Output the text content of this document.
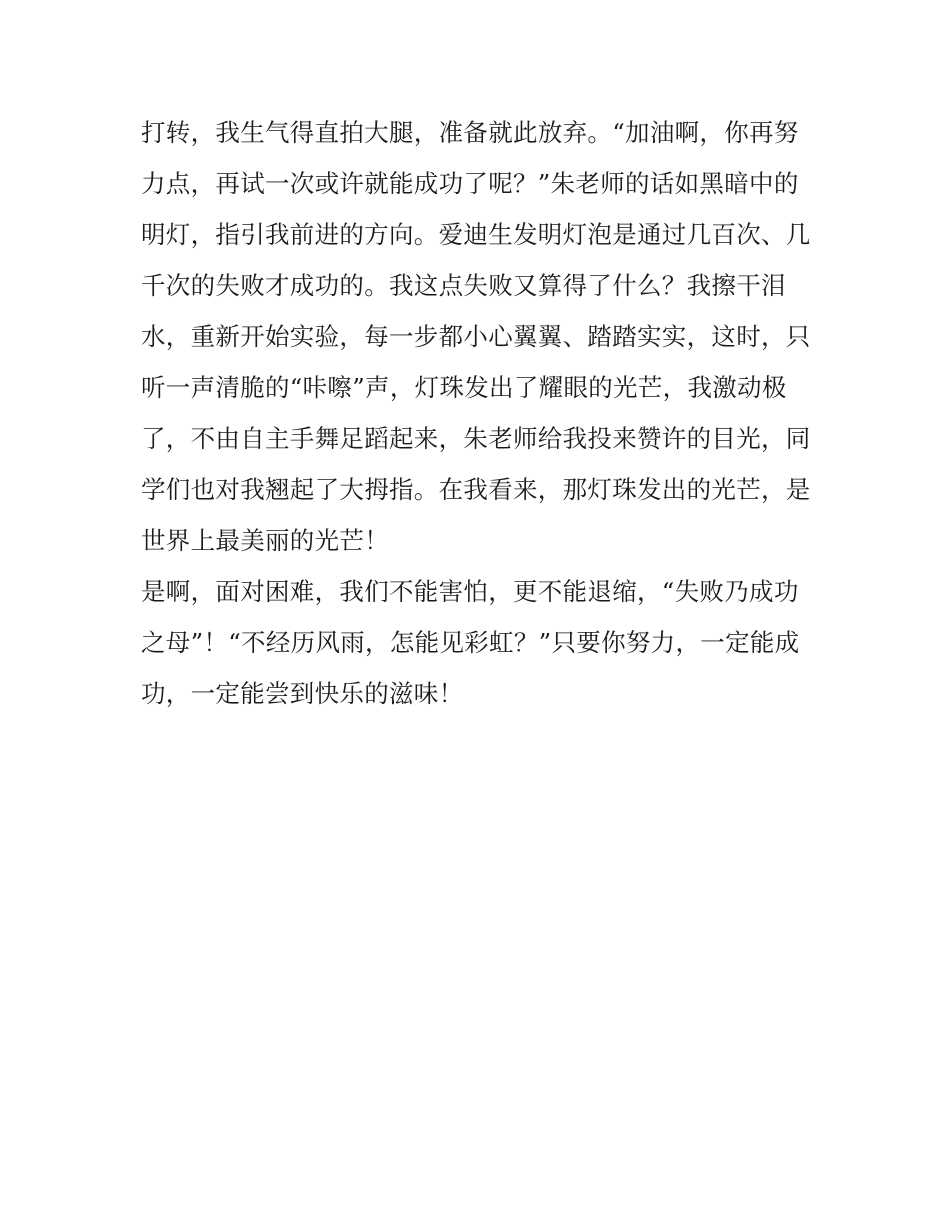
打转，我生气得直拍大腿，准备就此放弃。“加油啊，你再努
力点，再试一次或许就能成功了呢？”朱老师的话如黑暗中的
明灯，指引我前进的方向。爱迪生发明灯泡是通过几百次、几
千次的失败才成功的。我这点失败又算得了什么？我擦干泪
水，重新开始实验，每一步都小心翼翼、踏踏实实，这时，只
听一声清脆的“咔嚓”声，灯珠发出了耀眼的光芒，我激动极
了，不由自主手舞足蹈起来，朱老师给我投来赞许的目光，同
学们也对我翘起了大拇指。在我看来，那灯珠发出的光芒，是
世界上最美丽的光芒！
是啊，面对困难，我们不能害怕，更不能退缩，“失败乃成功
之母”！“不经历风雨，怎能见彩虹？”只要你努力，一定能成
功，一定能尝到快乐的滋味！
